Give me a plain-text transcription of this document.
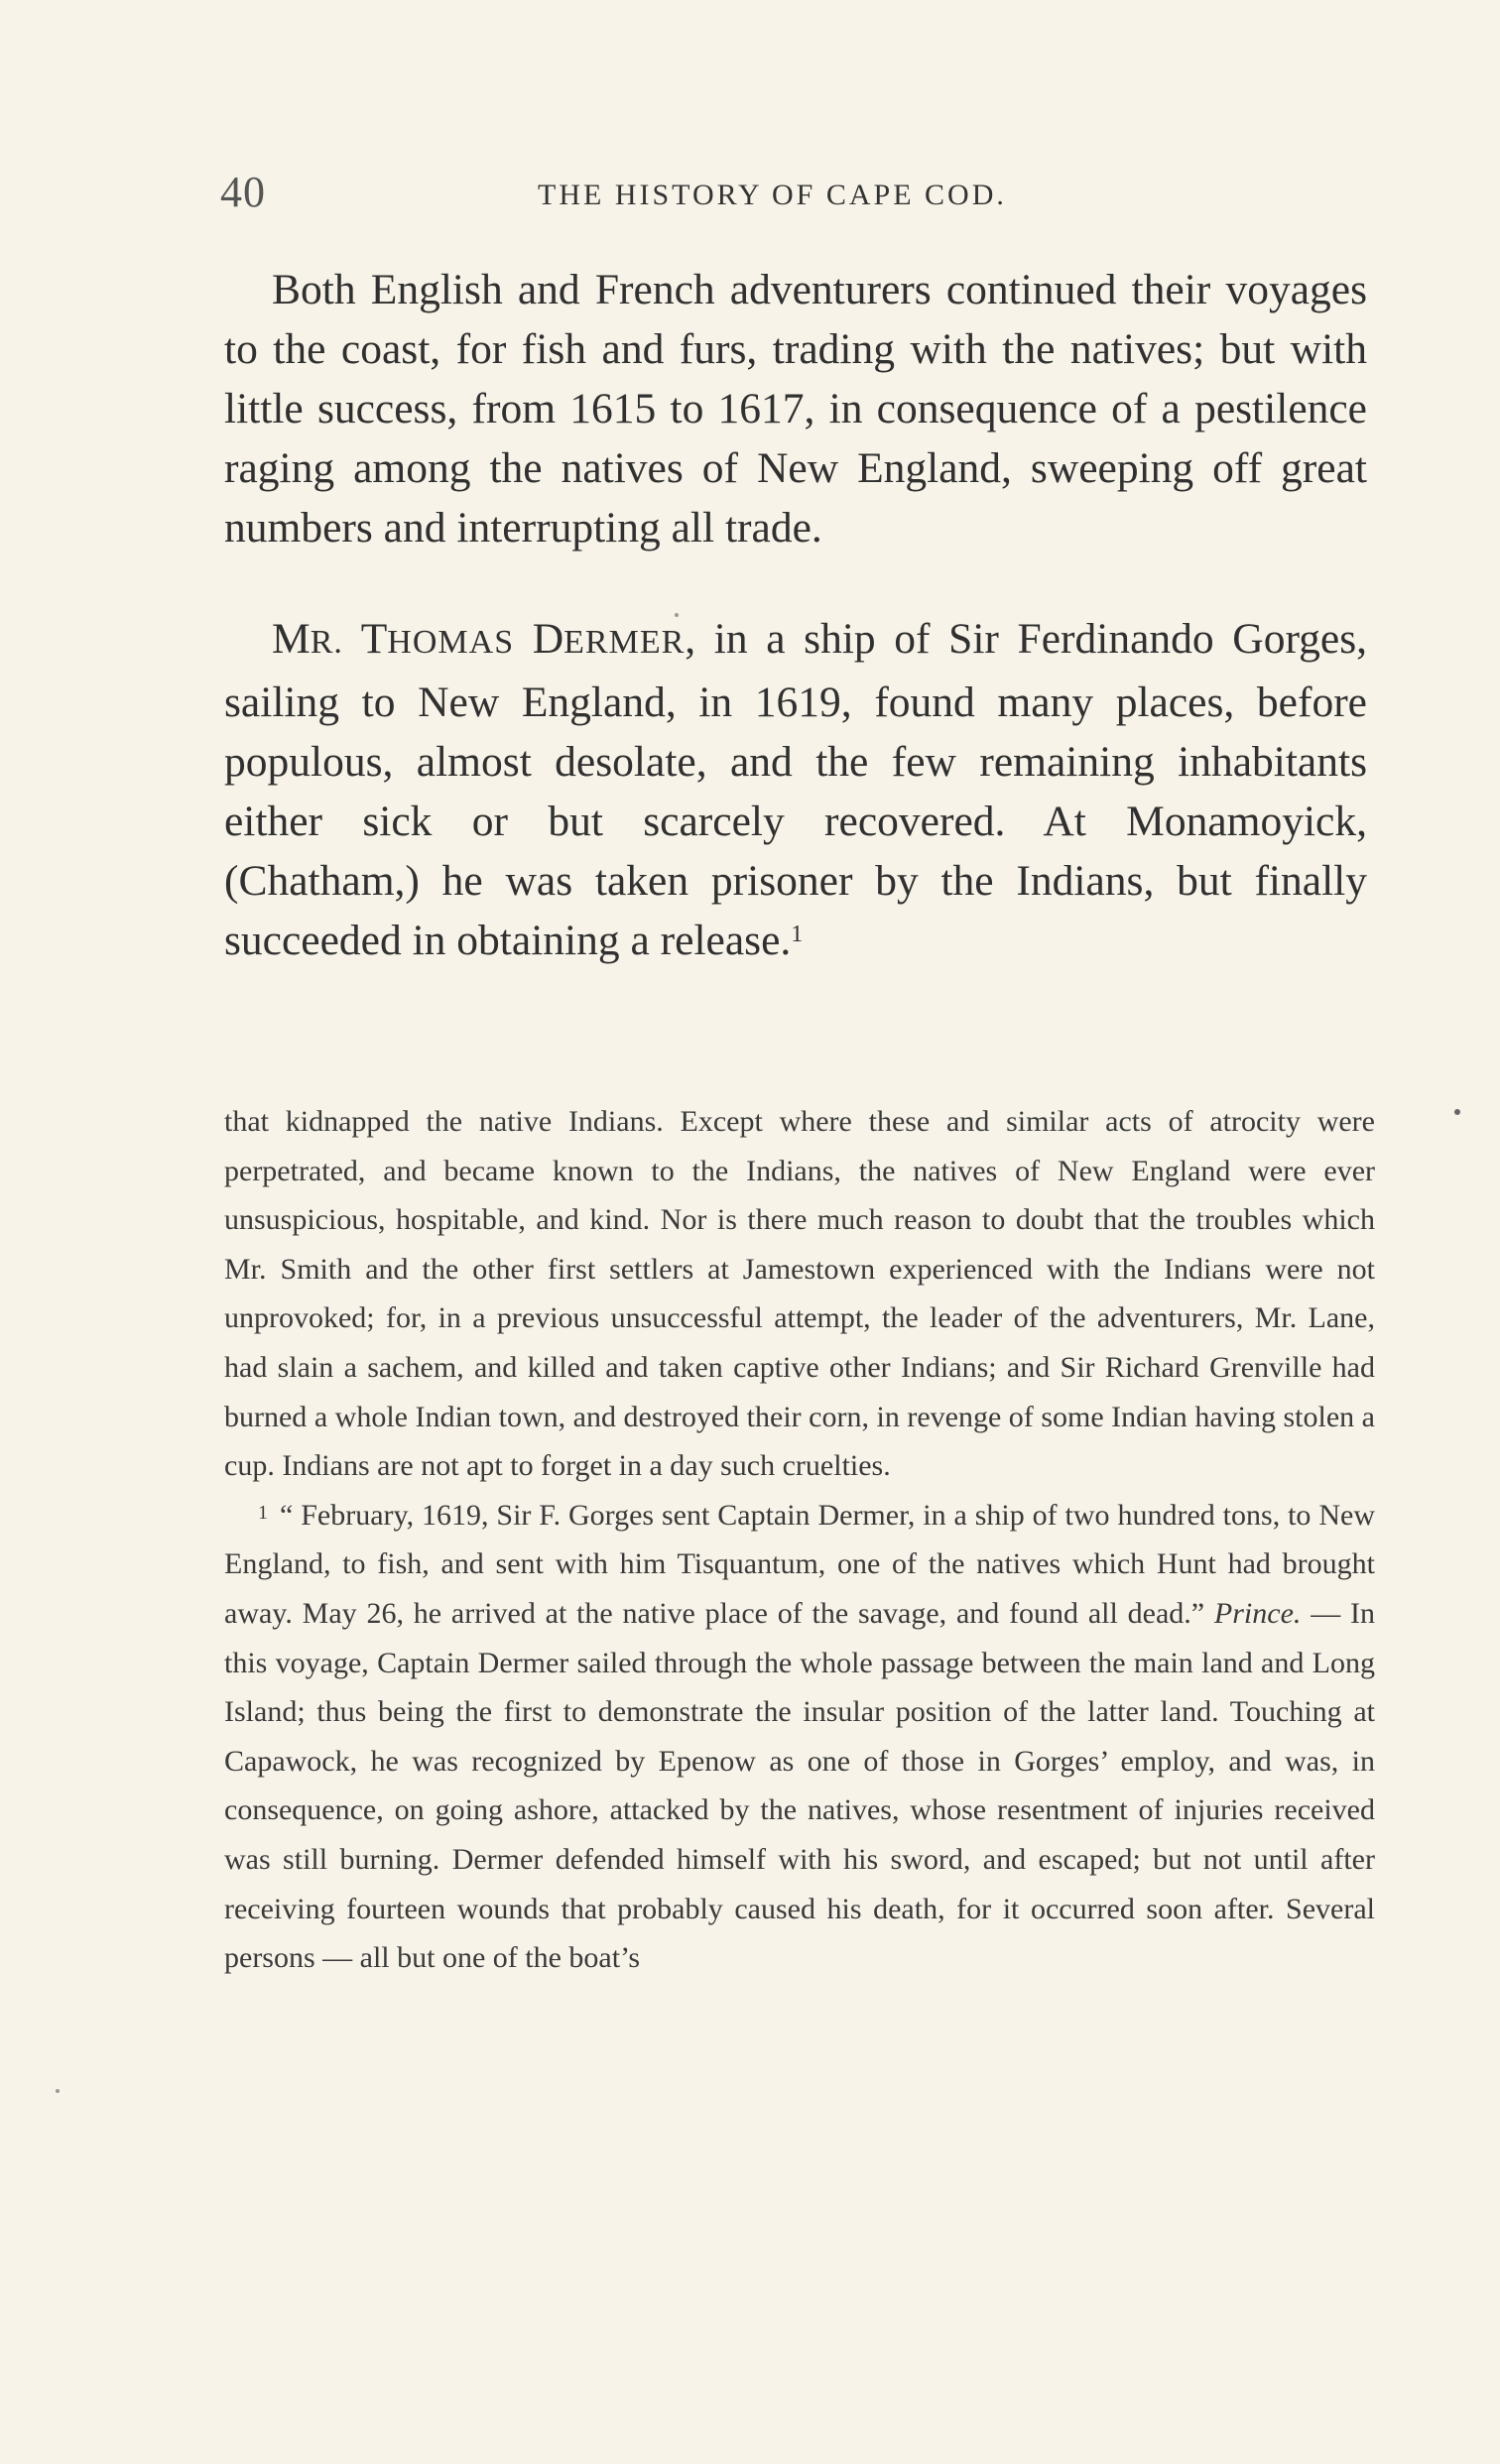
40	THE HISTORY OF CAPE COD.

Both English and French adventurers continued their voyages to the coast, for fish and furs, trading with the natives; but with little success, from 1615 to 1617, in consequence of a pestilence raging among the natives of New England, sweeping off great numbers and interrupting all trade.

MR. THOMAS DERMER, in a ship of Sir Ferdinando Gorges, sailing to New England, in 1619, found many places, before populous, almost desolate, and the few remaining inhabitants either sick or but scarcely recovered. At Monamoyick, (Chatham,) he was taken prisoner by the Indians, but finally succeeded in obtaining a release.$^1$

that kidnapped the native Indians. Except where these and similar acts of atrocity were perpetrated, and became known to the Indians, the natives of New England were ever unsuspicious, hospitable, and kind. Nor is there much reason to doubt that the troubles which Mr. Smith and the other first settlers at Jamestown experienced with the Indians were not unprovoked; for, in a previous unsuccessful attempt, the leader of the adventurers, Mr. Lane, had slain a sachem, and killed and taken captive other Indians; and Sir Richard Grenville had burned a whole Indian town, and destroyed their corn, in revenge of some Indian having stolen a cup. Indians are not apt to forget in a day such cruelties.

$^1$ “ February, 1619, Sir F. Gorges sent Captain Dermer, in a ship of two hundred tons, to New England, to fish, and sent with him Tisquantum, one of the natives which Hunt had brought away. May 26, he arrived at the native place of the savage, and found all dead.” Prince. — In this voyage, Captain Dermer sailed through the whole passage between the main land and Long Island; thus being the first to demonstrate the insular position of the latter land. Touching at Capawock, he was recognized by Epenow as one of those in Gorges’ employ, and was, in consequence, on going ashore, attacked by the natives, whose resentment of injuries received was still burning. Dermer defended himself with his sword, and escaped; but not until after receiving fourteen wounds that probably caused his death, for it occurred soon after. Several persons — all but one of the boat’s
